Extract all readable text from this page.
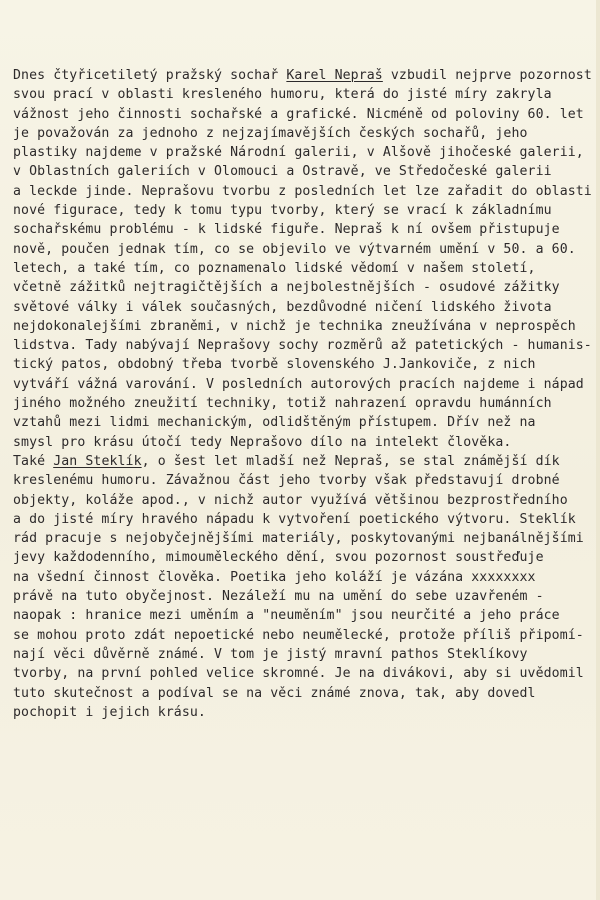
Dnes čtyřicetiletý pražský sochař Karel Nepraš vzbudil nejprve pozornost
svou prací v oblasti kresleného humoru, která do jisté míry zakryla
vážnost jeho činnosti sochařské a grafické. Nicméně od poloviny 60. let
je považován za jednoho z nejzajímavějších českých sochařů, jeho
plastiky najdeme v pražské Národní galerii, v Alšově jihočeské galerii,
v Oblastních galeriích v Olomouci a Ostravě, ve Středočeské galerii
a leckde jinde. Neprašovu tvorbu z posledních let lze zařadit do oblasti
nové figurace, tedy k tomu typu tvorby, který se vrací k základnímu
sochařskému problému - k lidské figuře. Nepraš k ní ovšem přistupuje
nově, poučen jednak tím, co se objevilo ve výtvarném umění v 50. a 60.
letech, a také tím, co poznamenalo lidské vědomí v našem století,
včetně zážitků nejtragičtějších a nejbolestnějších - osudové zážitky
světové války i válek současných, bezdůvodné ničení lidského života
nejdokonalejšími zbraněmi, v nichž je technika zneužívána v neprospěch
lidstva. Tady nabývají Neprašovy sochy rozměrů až patetických - humanis-
tický patos, obdobný třeba tvorbě slovenského J.Jankoviče, z nich
vytváří vážná varování. V posledních autorových pracích najdeme i nápad
jiného možného zneužití techniky, totiž nahrazení opravdu humánních
vztahů mezi lidmi mechanickým, odlidštěným přístupem. Dřív než na
smysl pro krásu útočí tedy Neprašovo dílo na intelekt člověka.
Také Jan Steklík, o šest let mladší než Nepraš, se stal známější dík
kreslenému humoru. Závažnou část jeho tvorby však představují drobné
objekty, koláže apod., v nichž autor využívá většinou bezprostředního
a do jisté míry hravého nápadu k vytvoření poetického výtvoru. Steklík
rád pracuje s nejobyčejnějšími materiály, poskytovanými nejbanálnějšími
jevy každodenního, mimouměleckého dění, svou pozornost soustřeďuje
na všední činnost člověka. Poetika jeho koláží je vázána xxxxxxxx
právě na tuto obyčejnost. Nezáleží mu na umění do sebe uzavřeném -
naopak : hranice mezi uměním a "neuměním" jsou neurčité a jeho práce
se mohou proto zdát nepoetické nebo neumělecké, protože příliš připomí-
nají věci důvěrně známé. V tom je jistý mravní pathos Steklíkovy
tvorby, na první pohled velice skromné. Je na divákovi, aby si uvědomil
tuto skutečnost a podíval se na věci známé znova, tak, aby dovedl
pochopit i jejich krásu.
